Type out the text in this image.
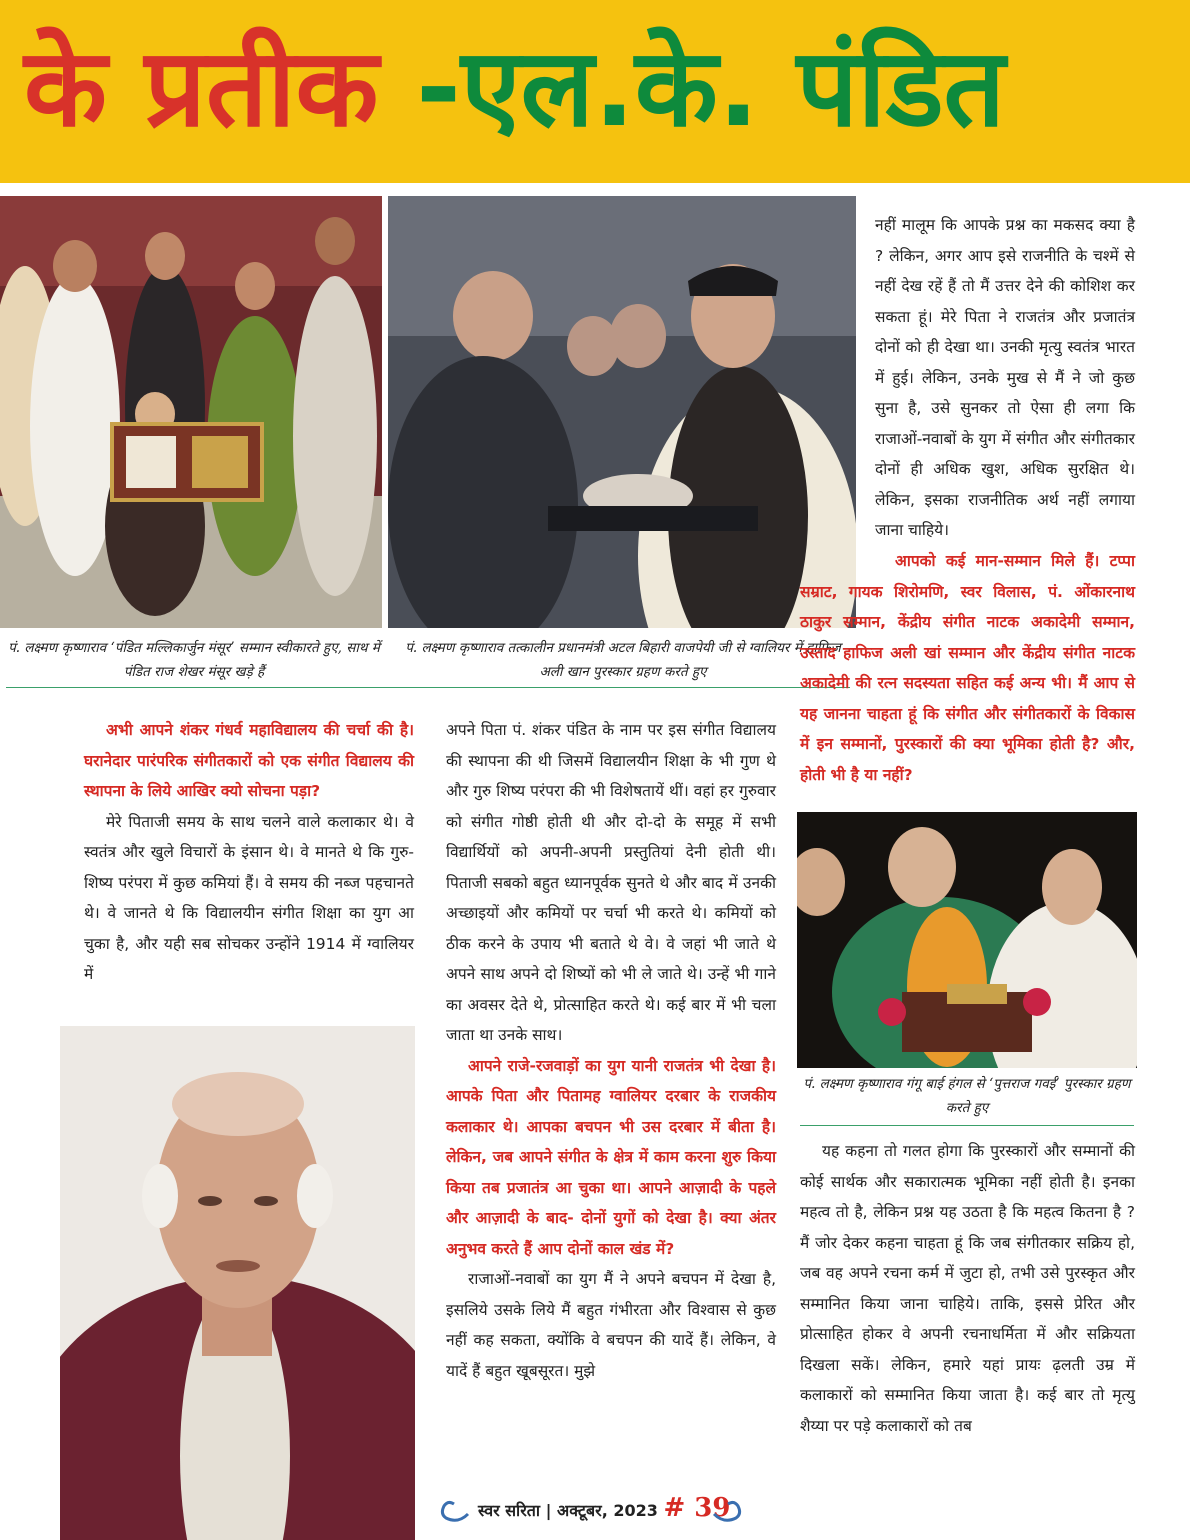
के प्रतीक -एल.के. पंडित
पं. लक्ष्मण कृष्णाराव ‘पंडित मल्लिकार्जुन मंसूर’ सम्मान स्वीकारते हुए, साथ में पंडित राज शेखर मंसूर खड़े हैं
पं. लक्ष्मण कृष्णाराव तत्कालीन प्रधानमंत्री अटल बिहारी वाजपेयी जी से ग्वालियर में हाफिज अली खान पुरस्कार ग्रहण करते हुए

नहीं मालूम कि आपके प्रश्न का मकसद क्या है ? लेकिन, अगर आप इसे राजनीति के चश्में से नहीं देख रहें हैं तो मैं उत्तर देने की कोशिश कर सकता हूं। मेरे पिता ने राजतंत्र और प्रजातंत्र दोनों को ही देखा था। उनकी मृत्यु स्वतंत्र भारत में हुई। लेकिन, उनके मुख से मैं ने जो कुछ सुना है, उसे सुनकर तो ऐसा ही लगा कि राजाओं-नवाबों के युग में संगीत और संगीतकार दोनों ही अधिक खुश, अधिक सुरक्षित थे। लेकिन, इसका राजनीतिक अर्थ नहीं लगाया जाना चाहिये।

आपको कई मान-सम्मान मिले हैं। टप्पा सम्राट, गायक शिरोमणि, स्वर विलास, पं. ओंकारनाथ ठाकुर सम्मान, केंद्रीय संगीत नाटक अकादेमी सम्मान, उस्ताद हाफिज अली खां सम्मान और केंद्रीय संगीत नाटक अकादेमी की रत्न सदस्यता सहित कई अन्य भी। मैं आप से यह जानना चाहता हूं कि संगीत और संगीतकारों के विकास में इन सम्मानों, पुरस्कारों की क्या भूमिका होती है? और, होती भी है या नहीं?

पं. लक्ष्मण कृष्णाराव गंगू बाई हंगल से ‘पुत्तराज गवई’ पुरस्कार ग्रहण करते हुए

अभी आपने शंकर गंधर्व महाविद्यालय की चर्चा की है। घरानेदार पारंपरिक संगीतकारों को एक संगीत विद्यालय की स्थापना के लिये आखिर क्यो सोचना पड़ा?

मेरे पिताजी समय के साथ चलने वाले कलाकार थे। वे स्वतंत्र और खुले विचारों के इंसान थे। वे मानते थे कि गुरु-शिष्य परंपरा में कुछ कमियां हैं। वे समय की नब्ज पहचानते थे। वे जानते थे कि विद्यालयीन संगीत शिक्षा का युग आ चुका है, और यही सब सोचकर उन्होंने 1914 में ग्वालियर में

अपने पिता पं. शंकर पंडित के नाम पर इस संगीत विद्यालय की स्थापना की थी जिसमें विद्यालयीन शिक्षा के भी गुण थे और गुरु शिष्य परंपरा की भी विशेषतायें थीं। वहां हर गुरुवार को संगीत गोष्ठी होती थी और दो-दो के समूह में सभी विद्यार्थियों को अपनी-अपनी प्रस्तुतियां देनी होती थी। पिताजी सबको बहुत ध्यानपूर्वक सुनते थे और बाद में उनकी अच्छाइयों और कमियों पर चर्चा भी करते थे। कमियों को ठीक करने के उपाय भी बताते थे वे। वे जहां भी जाते थे अपने साथ अपने दो शिष्यों को भी ले जाते थे। उन्हें भी गाने का अवसर देते थे, प्रोत्साहित करते थे। कई बार में भी चला जाता था उनके साथ।

आपने राजे-रजवाड़ों का युग यानी राजतंत्र भी देखा है। आपके पिता और पितामह ग्वालियर दरबार के राजकीय कलाकार थे। आपका बचपन भी उस दरबार में बीता है। लेकिन, जब आपने संगीत के क्षेत्र में काम करना शुरु किया किया तब प्रजातंत्र आ चुका था। आपने आज़ादी के पहले और आज़ादी के बाद- दोनों युगों को देखा है। क्या अंतर अनुभव करते हैं आप दोनों काल खंड में?

राजाओं-नवाबों का युग मैं ने अपने बचपन में देखा है, इसलिये उसके लिये मैं बहुत गंभीरता और विश्वास से कुछ नहीं कह सकता, क्योंकि वे बचपन की यादें हैं। लेकिन, वे यादें हैं बहुत खूबसूरत। मुझे

यह कहना तो गलत होगा कि पुरस्कारों और सम्मानों की कोई सार्थक और सकारात्मक भूमिका नहीं होती है। इनका महत्व तो है, लेकिन प्रश्न यह उठता है कि महत्व कितना है ? मैं जोर देकर कहना चाहता हूं कि जब संगीतकार सक्रिय हो, जब वह अपने रचना कर्म में जुटा हो, तभी उसे पुरस्कृत और सम्मानित किया जाना चाहिये। ताकि, इससे प्रेरित और प्रोत्साहित होकर वे अपनी रचनाधर्मिता में और सक्रियता दिखला सकें। लेकिन, हमारे यहां प्रायः ढ़लती उम्र में कलाकारों को सम्मानित किया जाता है। कई बार तो मृत्यु शैय्या पर पड़े कलाकारों को तब

स्वर सरिता | अक्टूबर, 2023 # 39
